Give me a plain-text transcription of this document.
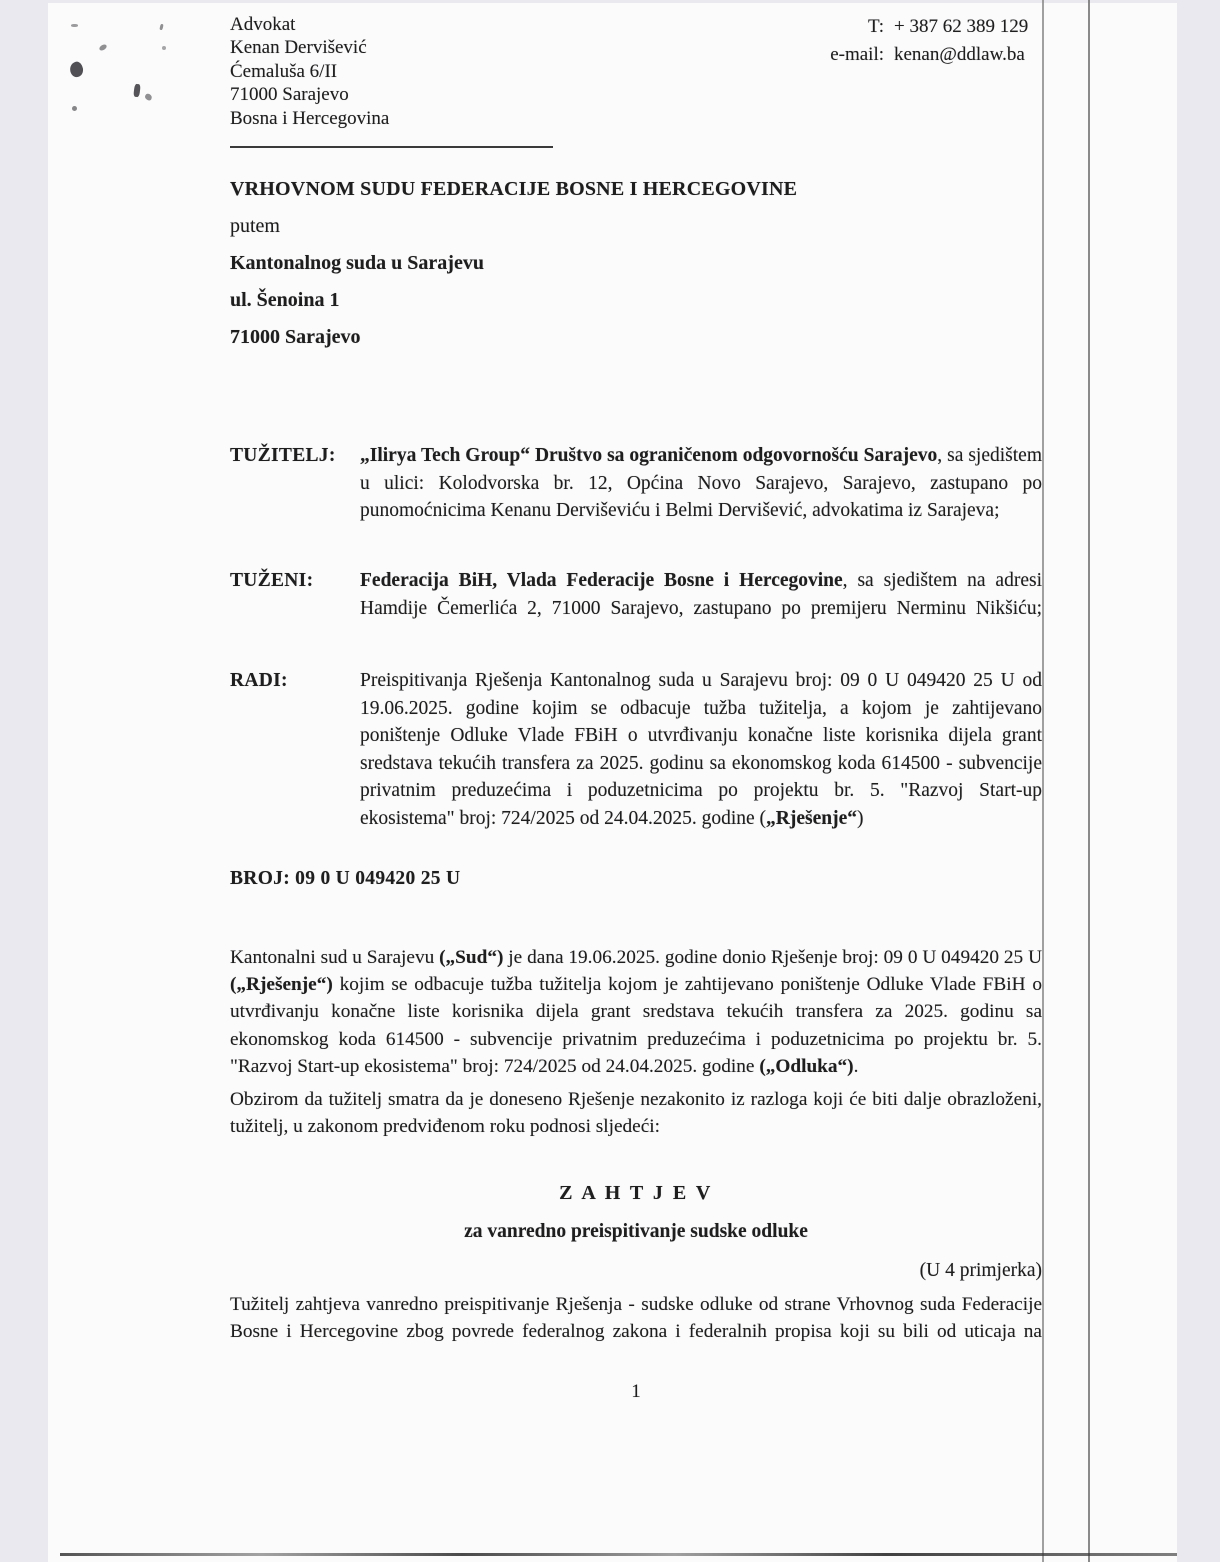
Advokat
Kenan Dervišević
Ćemaluša 6/II
71000 Sarajevo
Bosna i Hercegovina
T: + 387 62 389 129
e-mail: kenan@ddlaw.ba
VRHOVNOM SUDU FEDERACIJE BOSNE I HERCEGOVINE
putem
Kantonalnog suda u Sarajevu
ul. Šenoina 1
71000 Sarajevo
TUŽITELJ:	„Ilirya Tech Group“ Društvo sa ograničenom odgovornošću Sarajevo, sa sjedištem u ulici: Kolodvorska br. 12, Općina Novo Sarajevo, Sarajevo, zastupano po punomoćnicima Kenanu Derviševiću i Belmi Dervišević, advokatima iz Sarajeva;
TUŽENI:	Federacija BiH, Vlada Federacije Bosne i Hercegovine, sa sjedištem na adresi Hamdije Čemerlića 2, 71000 Sarajevo, zastupano po premijeru Nerminu Nikšiću;
RADI:	Preispitivanja Rješenja Kantonalnog suda u Sarajevu broj: 09 0 U 049420 25 U od 19.06.2025. godine kojim se odbacuje tužba tužitelja, a kojom je zahtijevano poništenje Odluke Vlade FBiH o utvrđivanju konačne liste korisnika dijela grant sredstava tekućih transfera za 2025. godinu sa ekonomskog koda 614500 - subvencije privatnim preduzećima i poduzetnicima po projektu br. 5. "Razvoj Start-up ekosistema" broj: 724/2025 od 24.04.2025. godine („Rješenje“)
BROJ: 09 0 U 049420 25 U
Kantonalni sud u Sarajevu („Sud“) je dana 19.06.2025. godine donio Rješenje broj: 09 0 U 049420 25 U („Rješenje“) kojim se odbacuje tužba tužitelja kojom je zahtijevano poništenje Odluke Vlade FBiH o utvrđivanju konačne liste korisnika dijela grant sredstava tekućih transfera za 2025. godinu sa ekonomskog koda 614500 - subvencije privatnim preduzećima i poduzetnicima po projektu br. 5. "Razvoj Start-up ekosistema" broj: 724/2025 od 24.04.2025. godine („Odluka“).
Obzirom da tužitelj smatra da je doneseno Rješenje nezakonito iz razloga koji će biti dalje obrazloženi, tužitelj, u zakonom predviđenom roku podnosi sljedeći:
Z A H T J E V
za vanredno preispitivanje sudske odluke
(U 4 primjerka)
Tužitelj zahtjeva vanredno preispitivanje Rješenja - sudske odluke od strane Vrhovnog suda Federacije Bosne i Hercegovine zbog povrede federalnog zakona i federalnih propisa koji su bili od uticaja na
1
